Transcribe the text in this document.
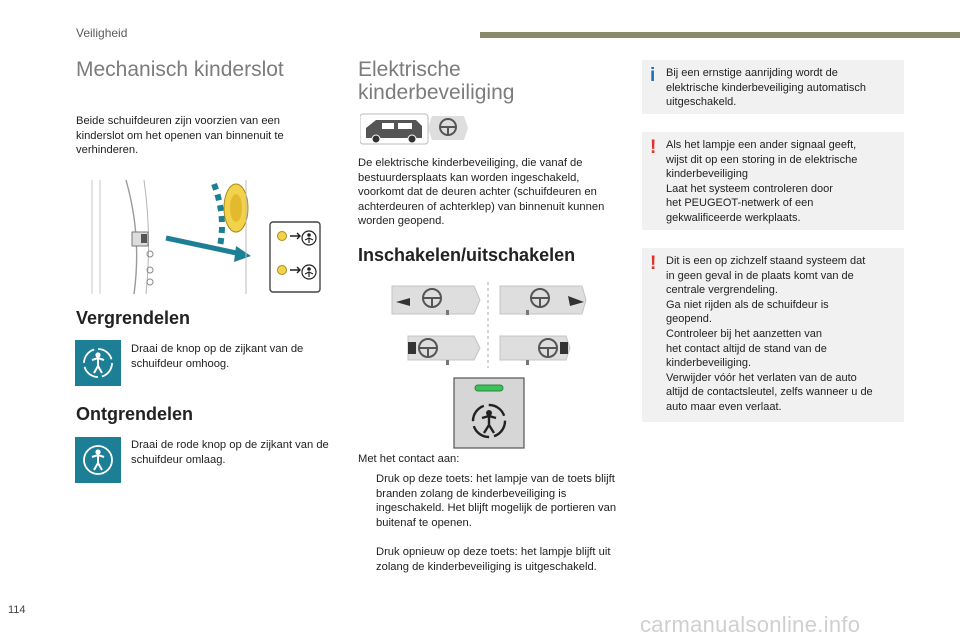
Veiligheid
Mechanisch kinderslot
Beide schuifdeuren zijn voorzien van een kinderslot om het openen van binnenuit te verhinderen.
Vergrendelen
Draai de knop op de zijkant van de schuifdeur omhoog.
Ontgrendelen
Draai de rode knop op de zijkant van de schuifdeur omlaag.
Elektrische
kinderbeveiliging
De elektrische kinderbeveiliging, die vanaf de bestuurdersplaats kan worden ingeschakeld, voorkomt dat de deuren achter (schuifdeuren en achterdeuren of achterklep) van binnenuit kunnen worden geopend.
Inschakelen/uitschakelen
Met het contact aan:
Druk op deze toets: het lampje van de toets blijft branden zolang de kinderbeveiliging is ingeschakeld. Het blijft mogelijk de portieren van buitenaf te openen.
Druk opnieuw op deze toets: het lampje blijft uit zolang de kinderbeveiliging is uitgeschakeld.
i Bij een ernstige aanrijding wordt de
elektrische kinderbeveiliging automatisch
uitgeschakeld.
! Als het lampje een ander signaal geeft,
wijst dit op een storing in de elektrische
kinderbeveiliging
Laat het systeem controleren door
het PEUGEOT-netwerk of een
gekwalificeerde werkplaats.
! Dit is een op zichzelf staand systeem dat
in geen geval in de plaats komt van de
centrale vergrendeling.
Ga niet rijden als de schuifdeur is
geopend.
Controleer bij het aanzetten van
het contact altijd de stand van de
kinderbeveiliging.
Verwijder vóór het verlaten van de auto
altijd de contactsleutel, zelfs wanneer u de
auto maar even verlaat.
114
carmanualsonline.info
